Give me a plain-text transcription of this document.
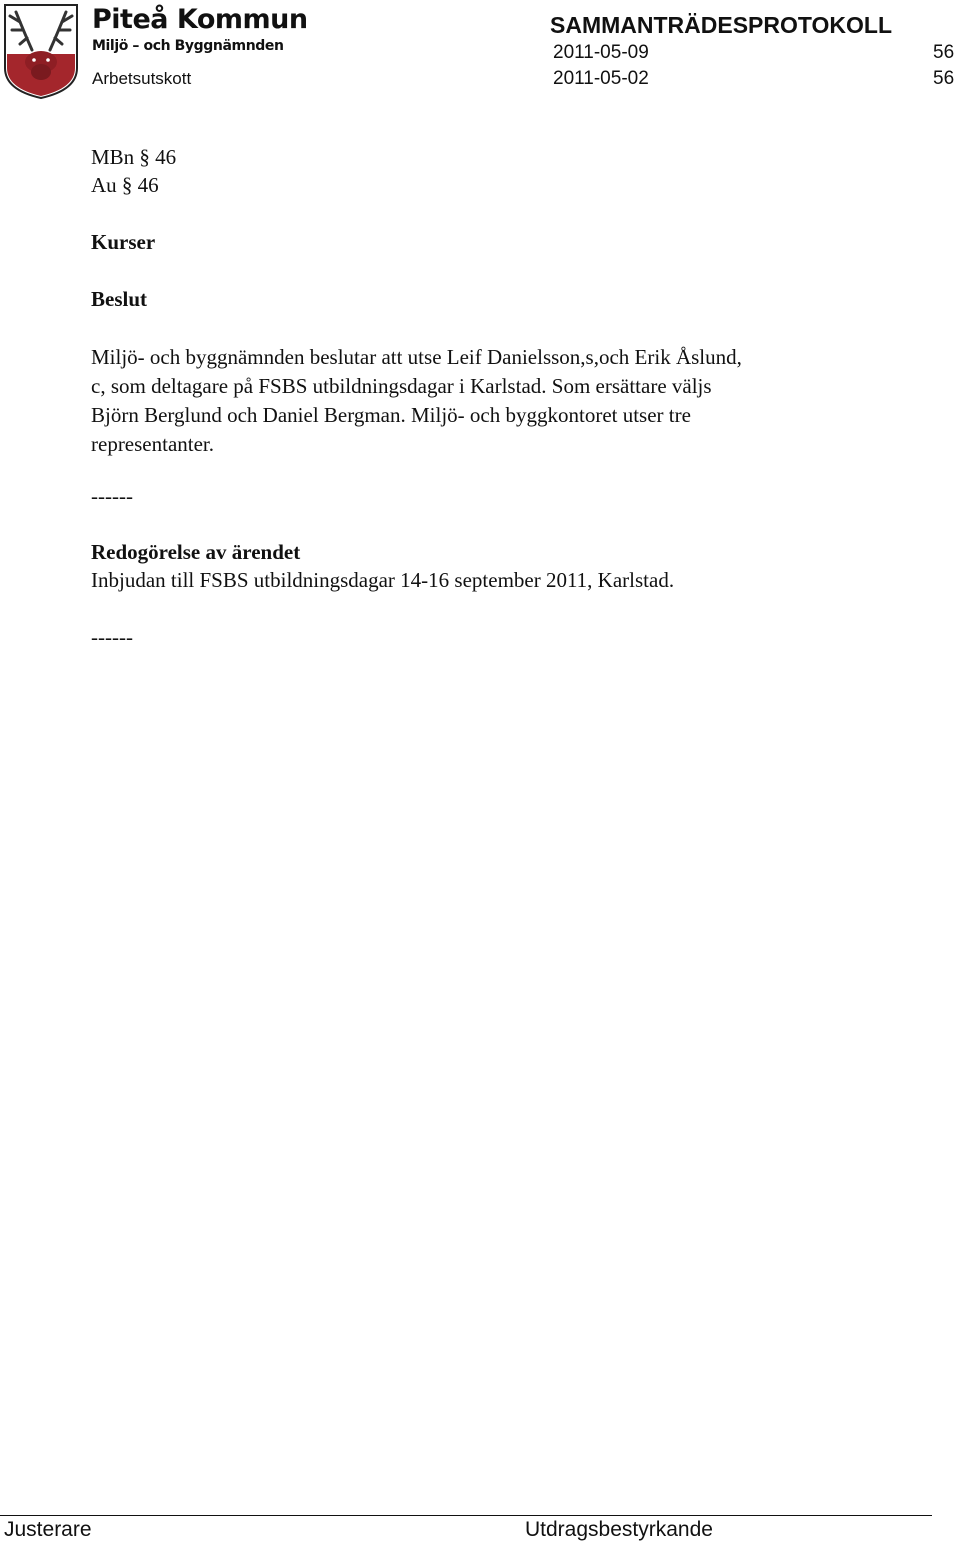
Piteå Kommun
Miljö – och Byggnämnden
SAMMANTRÄDESPROTOKOLL
2011-05-09	56
Arbetsutskott	2011-05-02	56
MBn § 46
Au § 46
Kurser
Beslut
Miljö- och byggnämnden beslutar att utse Leif Danielsson,s,och Erik Åslund,
c, som deltagare på FSBS utbildningsdagar i Karlstad. Som ersättare väljs
Björn Berglund och Daniel Bergman. Miljö- och byggkontoret utser tre
representanter.
------
Redogörelse av ärendet
Inbjudan till FSBS utbildningsdagar 14-16 september 2011, Karlstad.
------
Justerare	Utdragsbestyrkande
